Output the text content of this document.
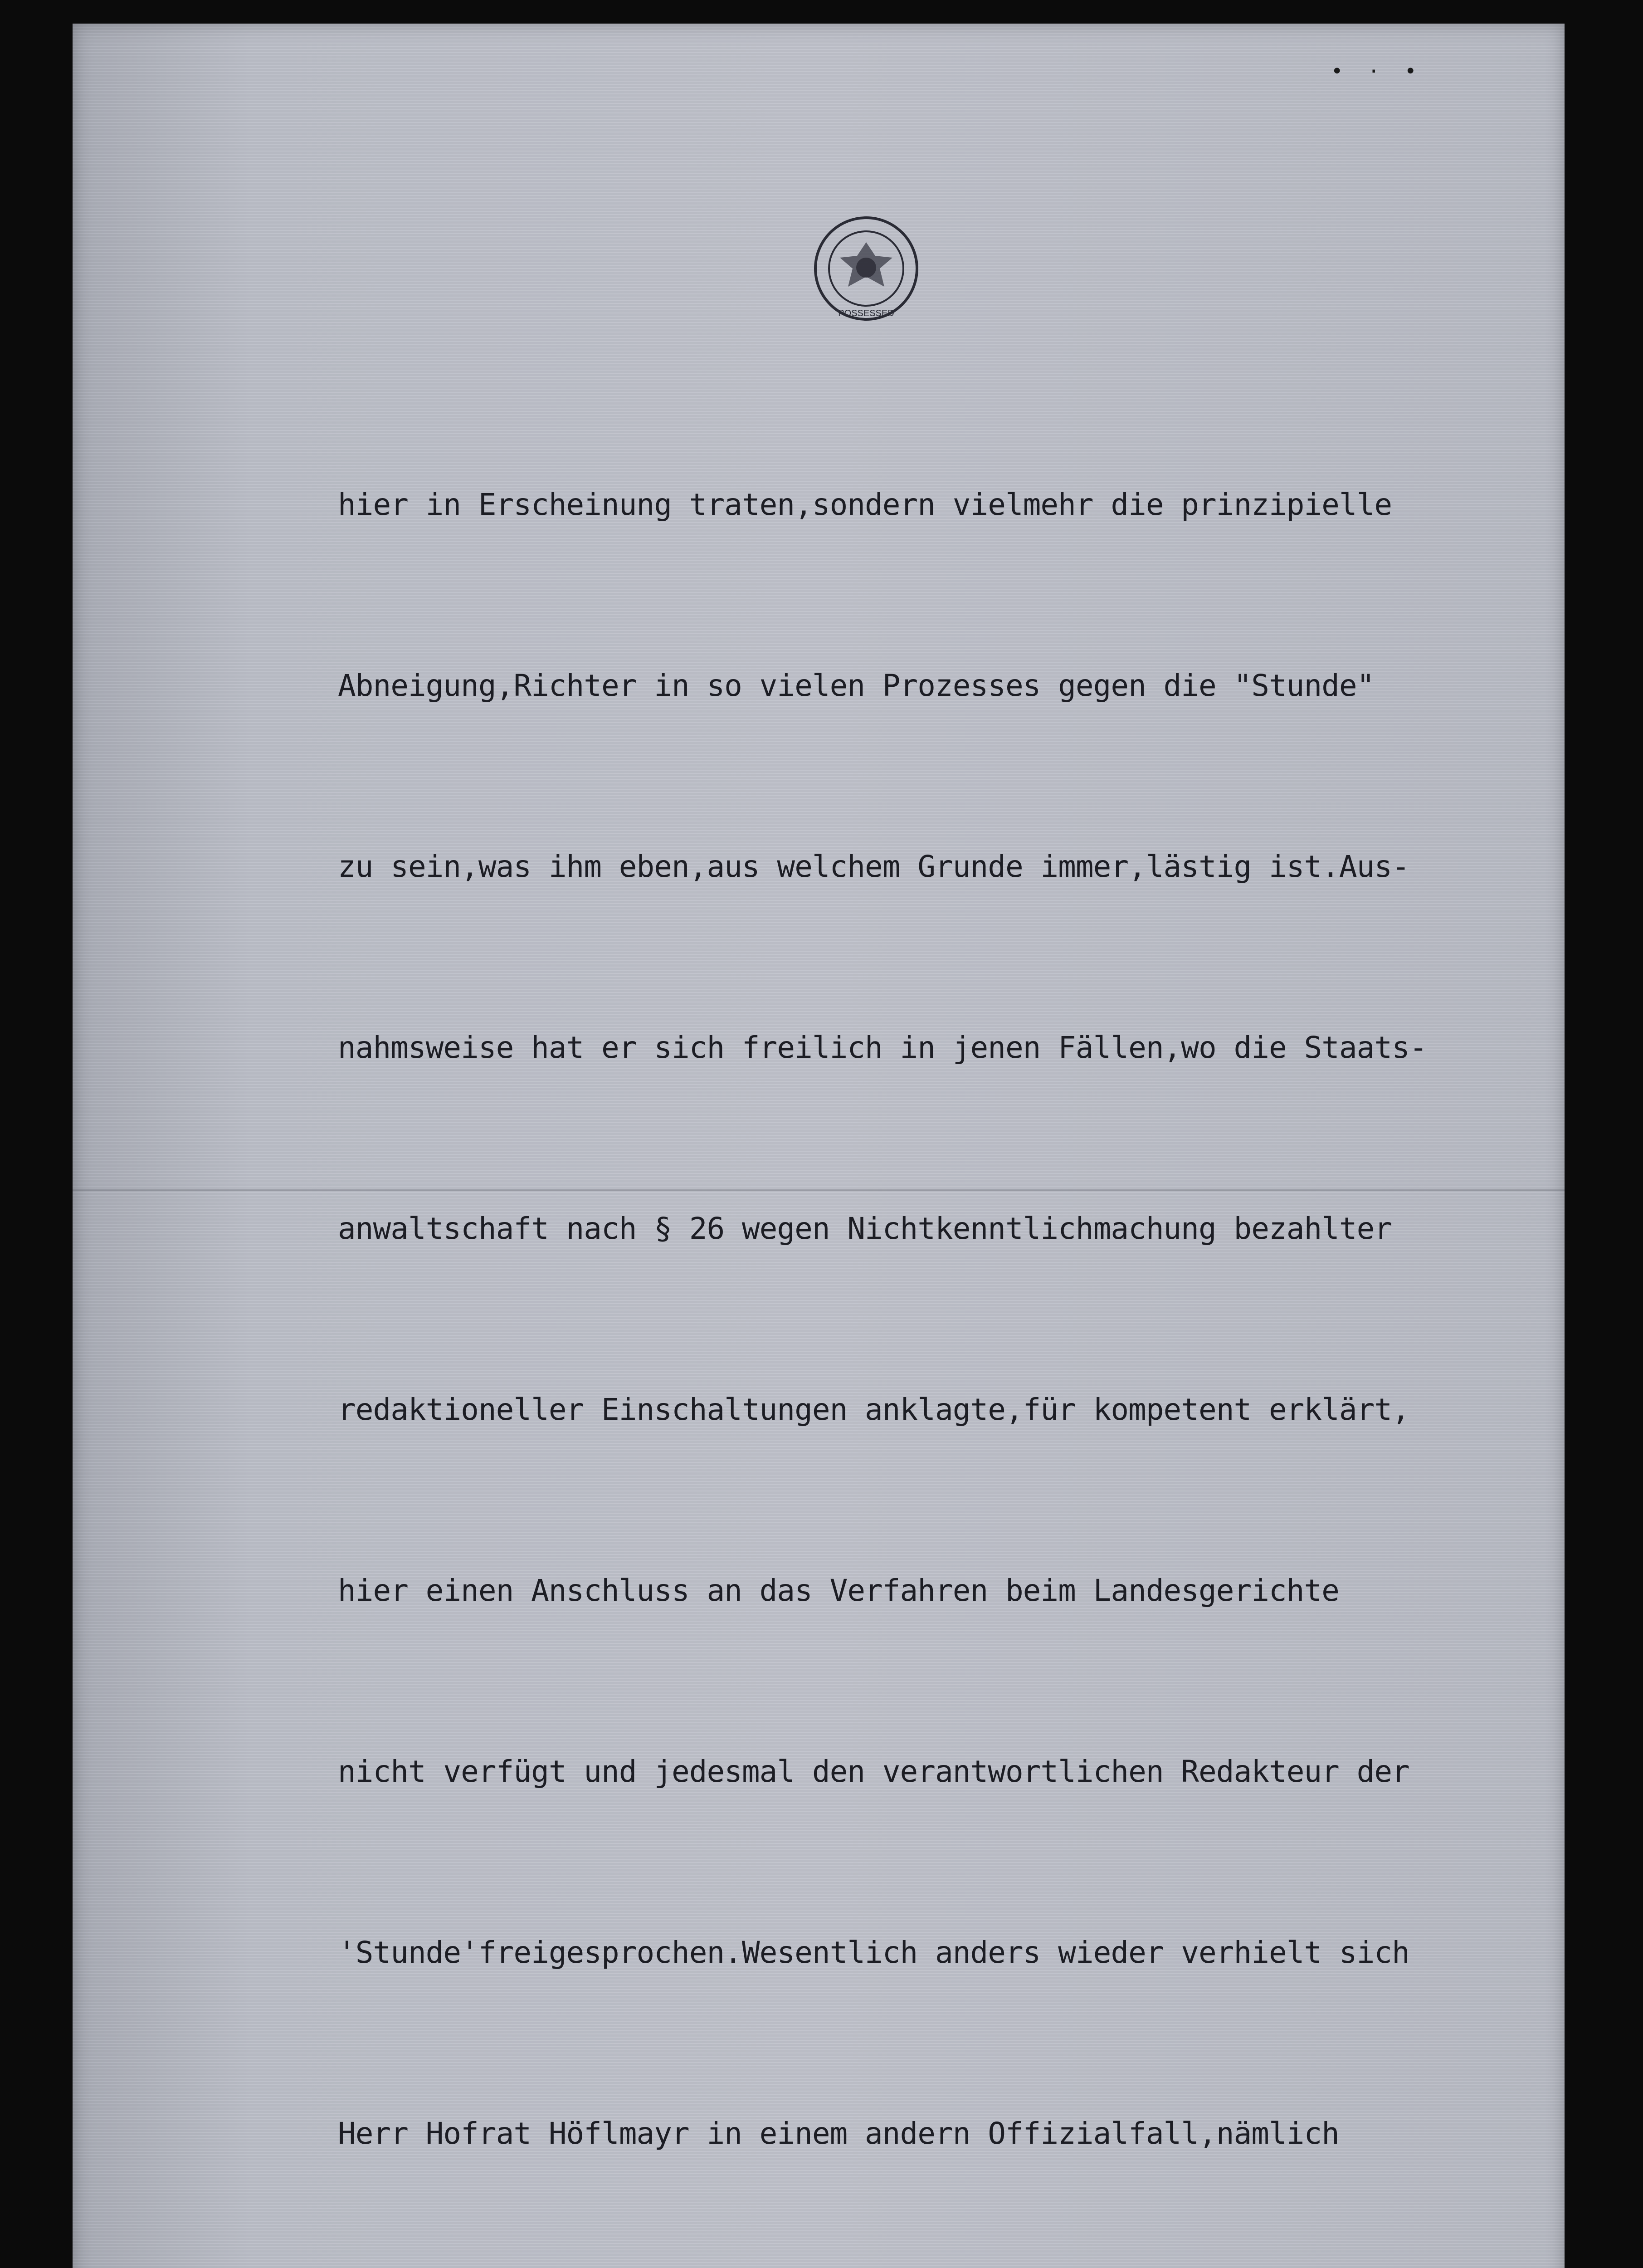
POSSESSED
• · •

hier in Erscheinung traten,sondern vielmehr die prinzipielle

Abneigung,Richter in so vielen Prozesses gegen die "Stunde"

zu sein,was ihm eben,aus welchem Grunde immer,lästig ist.Aus-

nahmsweise hat er sich freilich in jenen Fällen,wo die Staats-

anwaltschaft nach § 26 wegen Nichtkenntlichmachung bezahlter

redaktioneller Einschaltungen anklagte,für kompetent erklärt,

hier einen Anschluss an das Verfahren beim Landesgerichte

nicht verfügt und jedesmal den verantwortlichen Redakteur der

'Stunde'freigesprochen.Wesentlich anders wieder verhielt sich

Herr Hofrat Höflmayr in einem andern Offizialfall,nämlich
